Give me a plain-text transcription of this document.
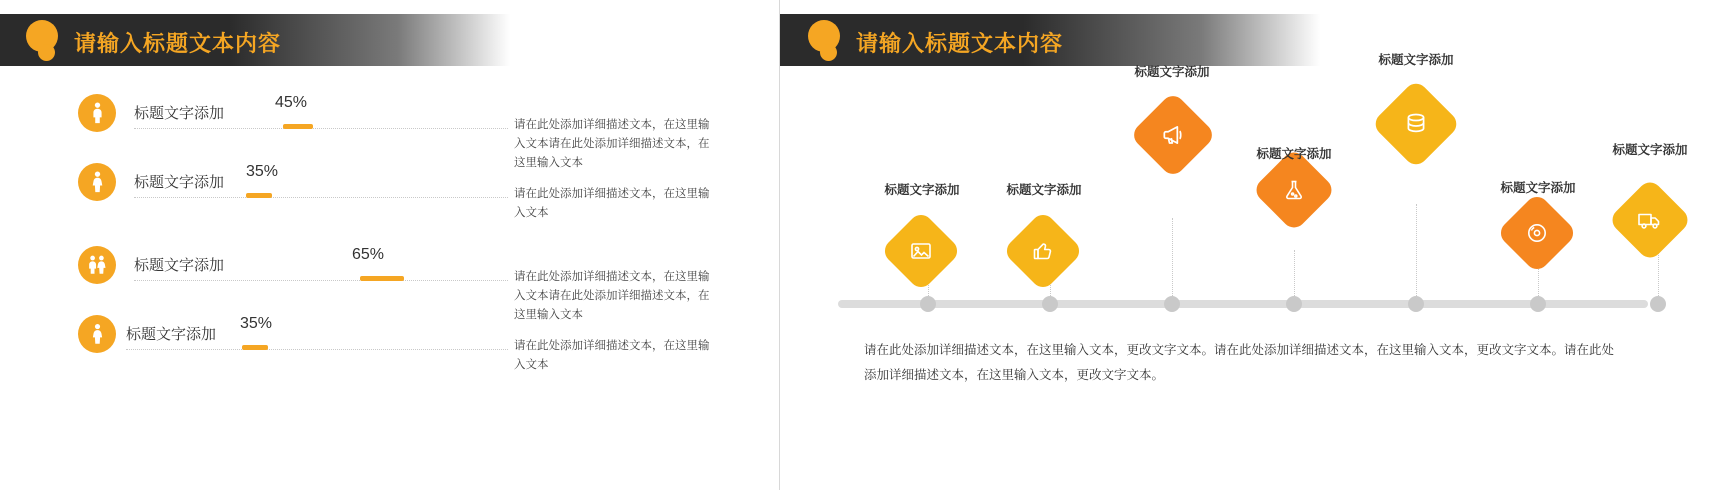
请输入标题文本内容
标题文字添加
45%
请在此处添加详细描述文本，在这里输入文本请在此处添加详细描述文本，在这里输入文本
标题文字添加
35%
请在此处添加详细描述文本，在这里输入文本
标题文字添加
65%
请在此处添加详细描述文本，在这里输入文本请在此处添加详细描述文本，在这里输入文本
标题文字添加
35%
请在此处添加详细描述文本，在这里输入文本
请输入标题文本内容
标题文字添加	标题文字添加
标题文字添加
标题文字添加
标题文字添加
标题文字添加
标题文字添加
请在此处添加详细描述文本，在这里输入文本，更改文字文本。请在此处添加详细描述文本，在这里输入文本，更改文字文本。请在此处添加详细描述文本，在这里输入文本，更改文字文本。
